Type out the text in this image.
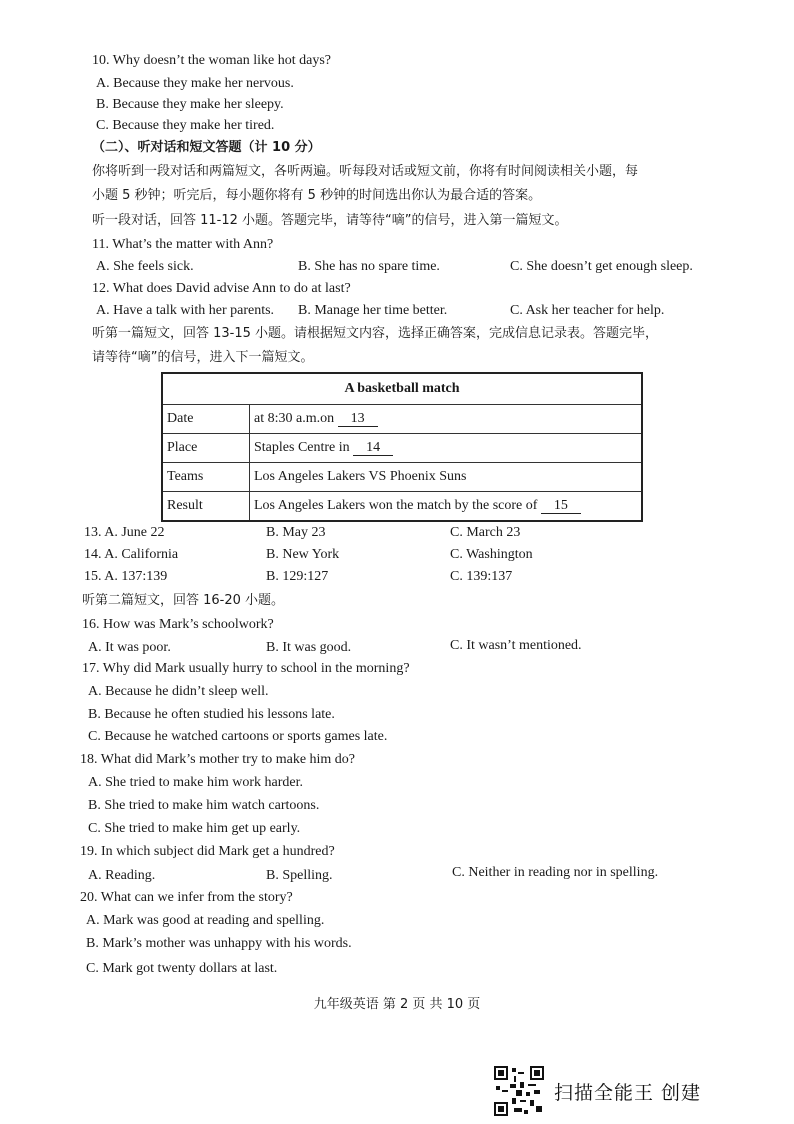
10. Why doesn’t the woman like hot days?
A. Because they make her nervous.
B. Because they make her sleepy.
C. Because they make her tired.
（二）、听对话和短文答题（计 10 分）
你将听到一段对话和两篇短文，各听两遍。听每段对话或短文前，你将有时间阅读相关小题，每
小题 5 秒钟；听完后，每小题你将有 5 秒钟的时间选出你认为最合适的答案。
听一段对话，回答 11-12 小题。答题完毕，请等待“嘀”的信号，进入第一篇短文。
11. What’s the matter with Ann?
A. She feels sick.	B. She has no spare time.	C. She doesn’t get enough sleep.
12. What does David advise Ann to do at last?
A. Have a talk with her parents. B. Manage her time better.	C. Ask her teacher for help.
听第一篇短文，回答 13-15 小题。请根据短文内容，选择正确答案，完成信息记录表。答题完毕，
请等待“嘀”的信号，进入下一篇短文。
A basketball match	
Date	at 8:30 a.m.on 13
Place	Staples Centre in 14
Teams	Los Angeles Lakers VS Phoenix Suns
Result	Los Angeles Lakers won the match by the score of 15
13. A. June 22	B. May 23	C. March 23
14. A. California	B. New York	C. Washington
15. A. 137:139	B. 129:127	C. 139:137
听第二篇短文，回答 16-20 小题。
16. How was Mark’s schoolwork?
A. It was poor.	B. It was good.	C. It wasn’t mentioned.
17. Why did Mark usually hurry to school in the morning?
A. Because he didn’t sleep well.
B. Because he often studied his lessons late.
C. Because he watched cartoons or sports games late.
18. What did Mark’s mother try to make him do?
A. She tried to make him work harder.
B. She tried to make him watch cartoons.
C. She tried to make him get up early.
19. In which subject did Mark get a hundred?
A. Reading.	B. Spelling.	C. Neither in reading nor in spelling.
20. What can we infer from the story?
A. Mark was good at reading and spelling.
B. Mark’s mother was unhappy with his words.
C. Mark got twenty dollars at last.
九年级英语 第 2 页 共 10 页
扫描全能王 创建
